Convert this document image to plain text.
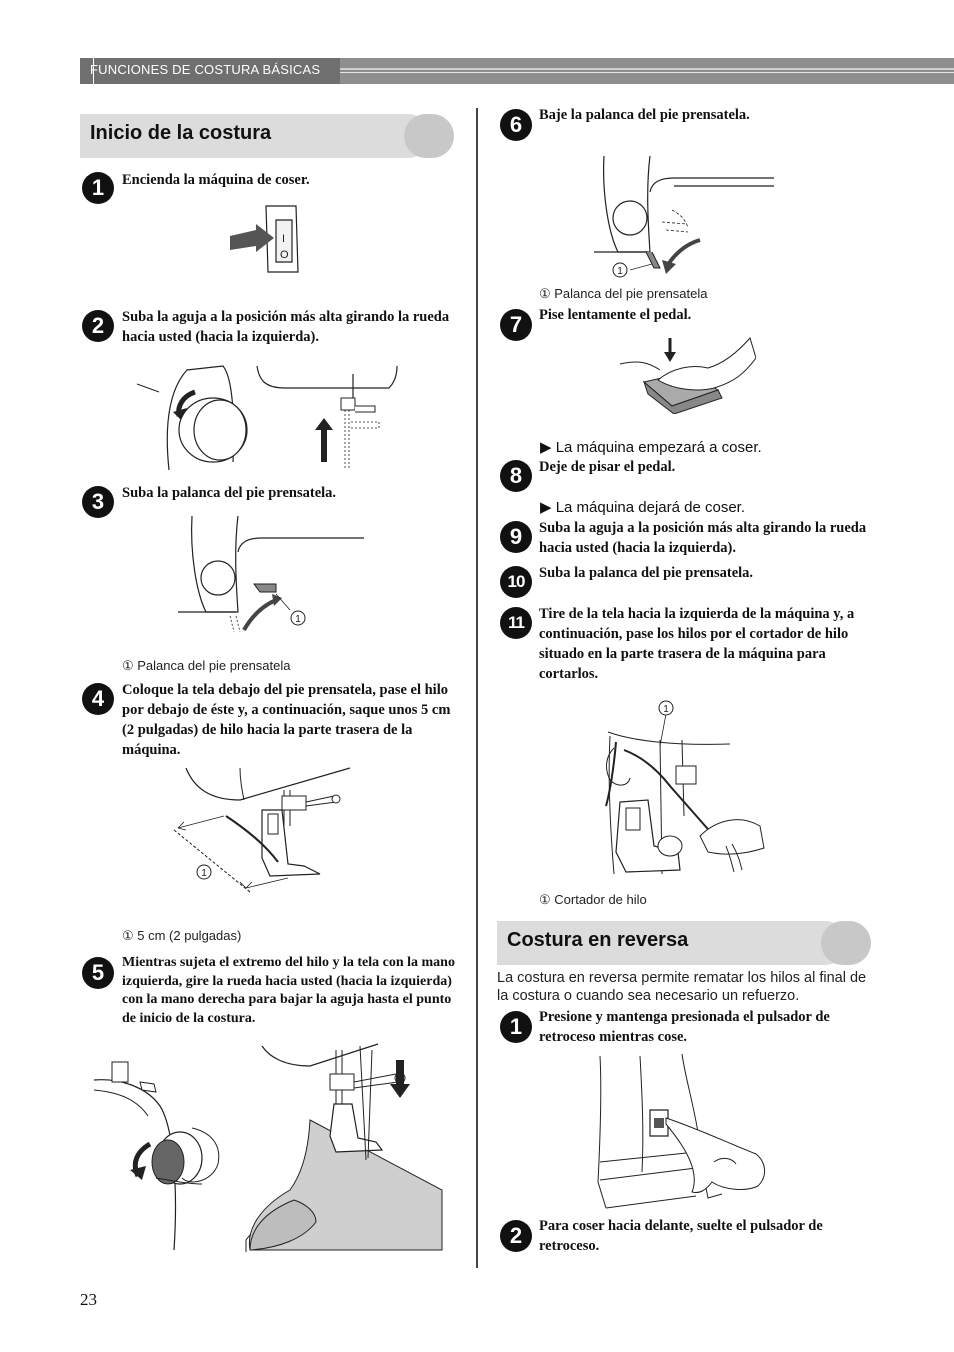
FUNCIONES DE COSTURA BÁSICAS
Inicio de la costura
1	Encienda la máquina de coser.
I
O
2	Suba la aguja a la posición más alta girando la rueda hacia usted (hacia la izquierda).
3	Suba la palanca del pie prensatela.
1
① Palanca del pie prensatela
4	Coloque la tela debajo del pie prensatela, pase el hilo por debajo de éste y, a continuación, saque unos 5 cm (2 pulgadas) de hilo hacia la parte trasera de la máquina.
1
① 5 cm (2 pulgadas)
5	Mientras sujeta el extremo del hilo y la tela con la mano izquierda, gire la rueda hacia usted (hacia la izquierda) con la mano derecha para bajar la aguja hasta el punto de inicio de la costura.
6	Baje la palanca del pie prensatela.
1
① Palanca del pie prensatela
7	Pise lentamente el pedal.
▶ La máquina empezará a coser.
8	Deje de pisar el pedal.
▶ La máquina dejará de coser.
9	Suba la aguja a la posición más alta girando la rueda hacia usted (hacia la izquierda).
10	Suba la palanca del pie prensatela.
11	Tire de la tela hacia la izquierda de la máquina y, a continuación, pase los hilos por el cortador de hilo situado en la parte trasera de la máquina para cortarlos.
1
① Cortador de hilo
Costura en reversa
La costura en reversa permite rematar los hilos al final de la costura o cuando sea necesario un refuerzo.
1	Presione y mantenga presionada el pulsador de retroceso mientras cose.
2	Para coser hacia delante, suelte el pulsador de retroceso.
23
